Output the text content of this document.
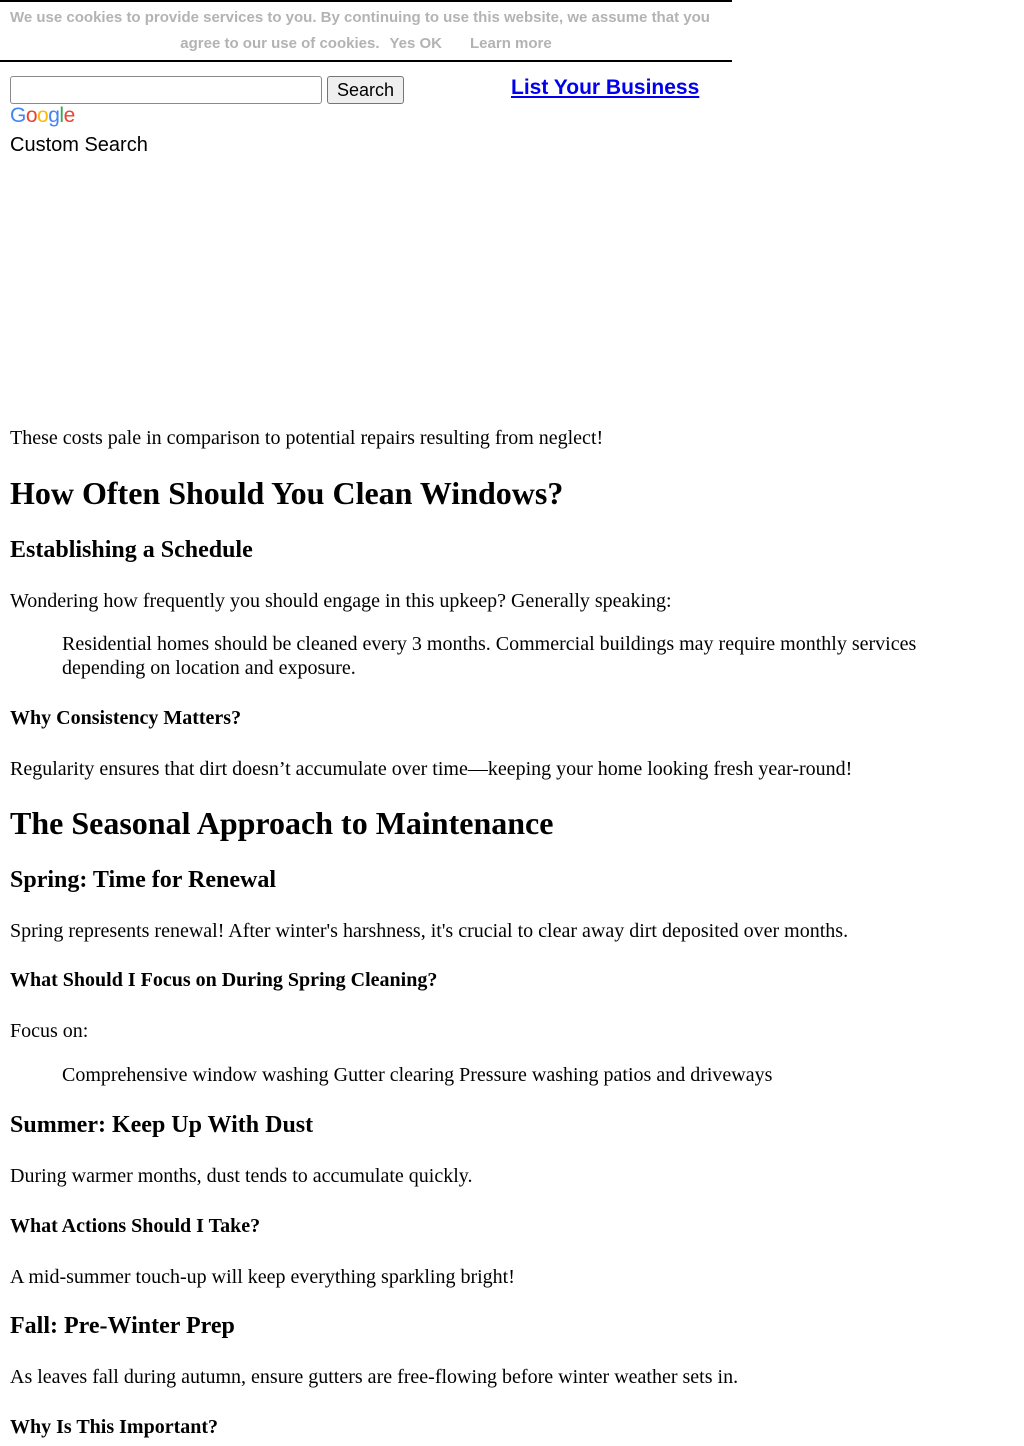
We use cookies to provide services to you. By continuing to use this website, we assume that you
agree to our use of cookies. Yes OK Learn more
Search	List Your Business
Google
Custom Search

These costs pale in comparison to potential repairs resulting from neglect!

How Often Should You Clean Windows?
Establishing a Schedule

Wondering how frequently you should engage in this upkeep? Generally speaking:

Residential homes should be cleaned every 3 months. Commercial buildings may require monthly services depending on location and exposure.
Why Consistency Matters?

Regularity ensures that dirt doesn’t accumulate over time—keeping your home looking fresh year-round!

The Seasonal Approach to Maintenance
Spring: Time for Renewal

Spring represents renewal! After winter's harshness, it's crucial to clear away dirt deposited over months.

What Should I Focus on During Spring Cleaning?

Focus on:

Comprehensive window washing Gutter clearing Pressure washing patios and driveways
Summer: Keep Up With Dust

During warmer months, dust tends to accumulate quickly.

What Actions Should I Take?

A mid-summer touch-up will keep everything sparkling bright!

Fall: Pre-Winter Prep

As leaves fall during autumn, ensure gutters are free-flowing before winter weather sets in.

Why Is This Important?
